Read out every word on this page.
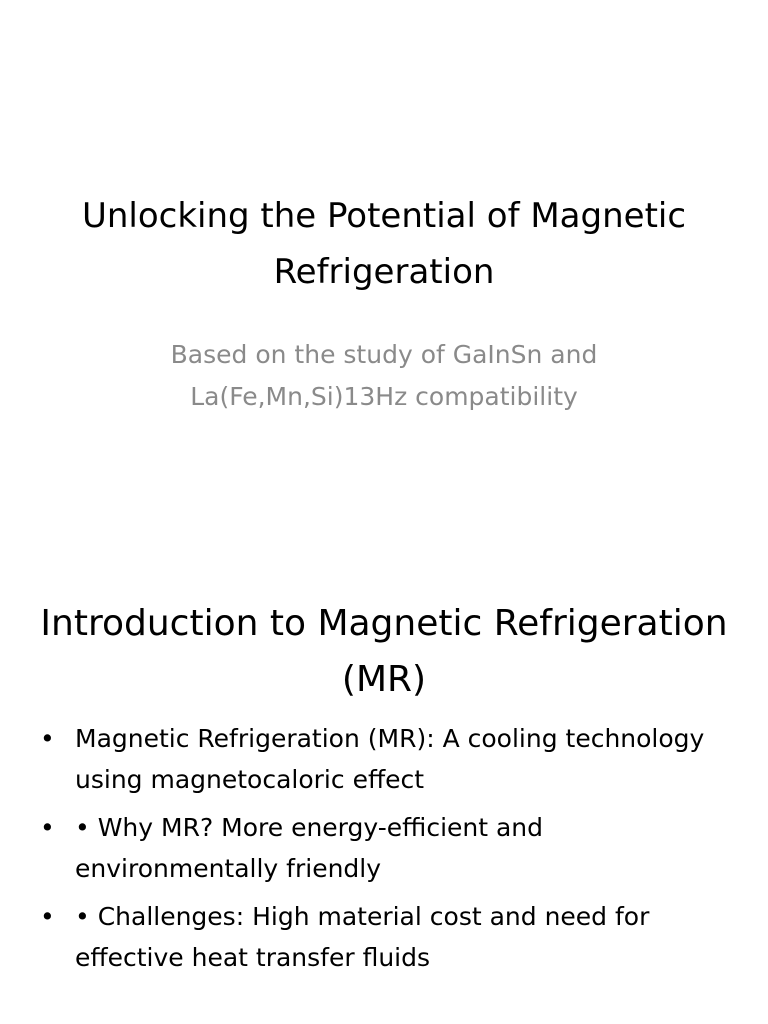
Unlocking the Potential of Magnetic Refrigeration

Based on the study of GaInSn and La(Fe,Mn,Si)13Hz compatibility

Introduction to Magnetic Refrigeration (MR)
• Magnetic Refrigeration (MR): A cooling technology using magnetocaloric effect
• • Why MR? More energy-efficient and environmentally friendly
• • Challenges: High material cost and need for effective heat transfer fluids
